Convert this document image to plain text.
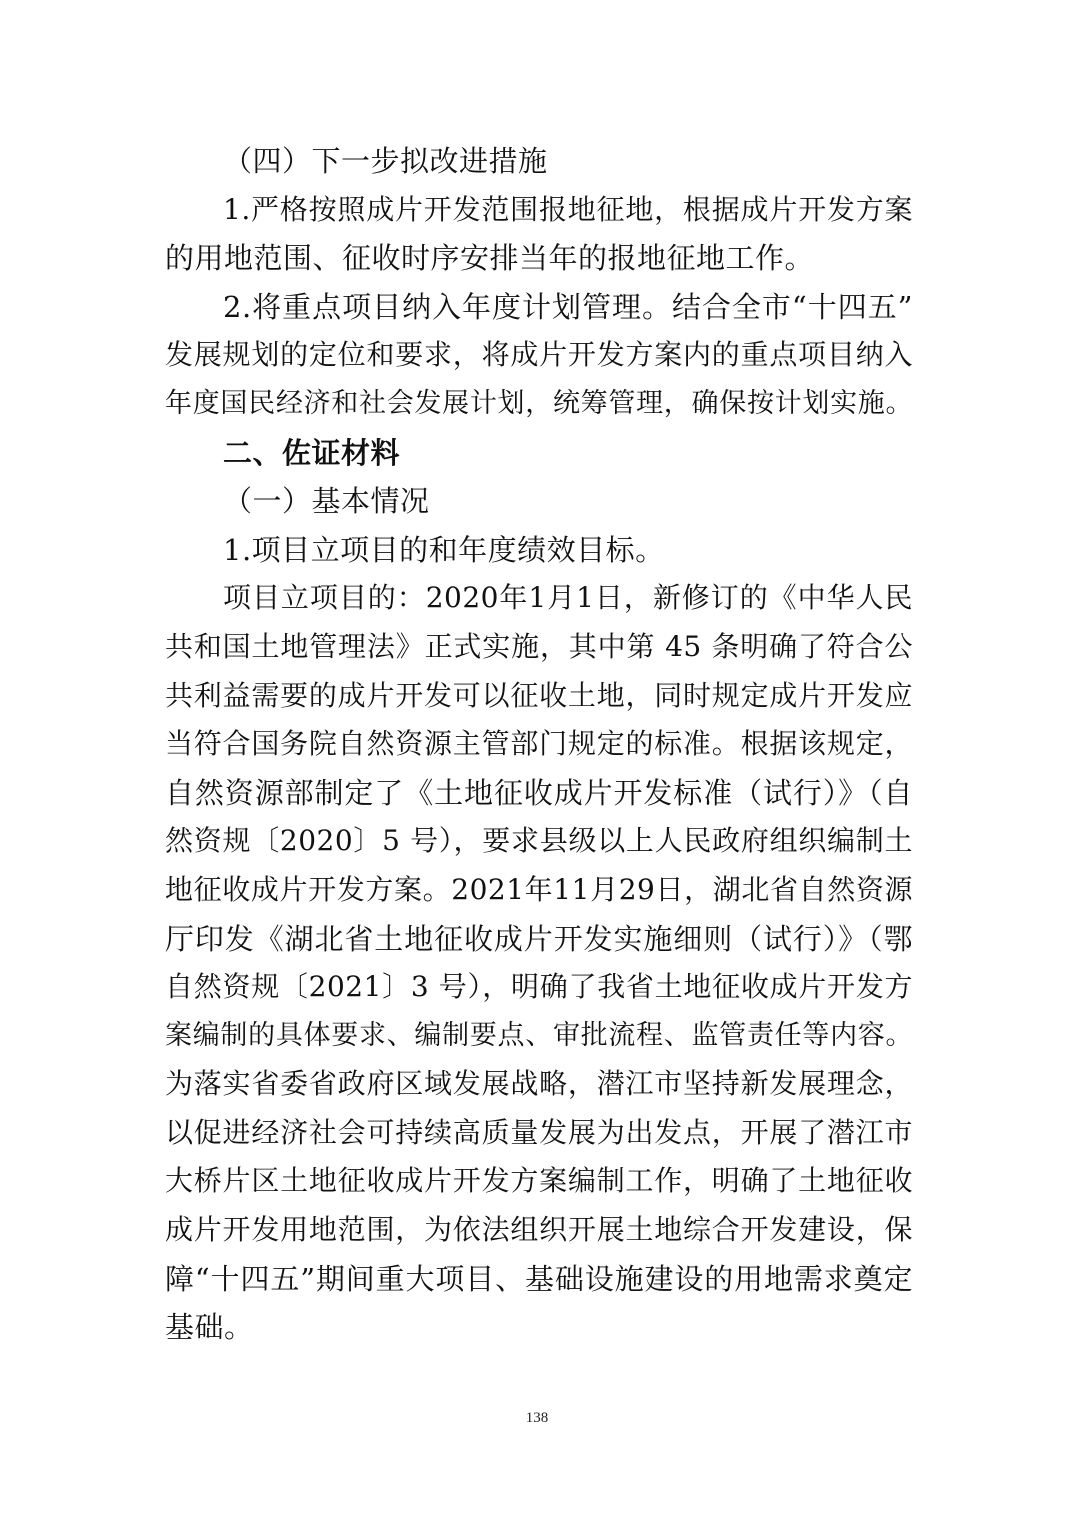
（四）下一步拟改进措施
1.严格按照成片开发范围报地征地，根据成片开发方案
的用地范围、征收时序安排当年的报地征地工作。
2.将重点项目纳入年度计划管理。结合全市“十四五”
发展规划的定位和要求，将成片开发方案内的重点项目纳入
年度国民经济和社会发展计划，统筹管理，确保按计划实施。
二、佐证材料
（一）基本情况
1.项目立项目的和年度绩效目标。
项目立项目的：2020年1月1日，新修订的《中华人民
共和国土地管理法》正式实施，其中第 45 条明确了符合公
共利益需要的成片开发可以征收土地，同时规定成片开发应
当符合国务院自然资源主管部门规定的标准。根据该规定，
自然资源部制定了《土地征收成片开发标准（试行）》（自
然资规〔2020〕5 号），要求县级以上人民政府组织编制土
地征收成片开发方案。2021年11月29日，湖北省自然资源
厅印发《湖北省土地征收成片开发实施细则（试行）》（鄂
自然资规〔2021〕3 号），明确了我省土地征收成片开发方
案编制的具体要求、编制要点、审批流程、监管责任等内容。
为落实省委省政府区域发展战略，潜江市坚持新发展理念，
以促进经济社会可持续高质量发展为出发点，开展了潜江市
大桥片区土地征收成片开发方案编制工作，明确了土地征收
成片开发用地范围，为依法组织开展土地综合开发建设，保
障“十四五”期间重大项目、基础设施建设的用地需求奠定
基础。
138
